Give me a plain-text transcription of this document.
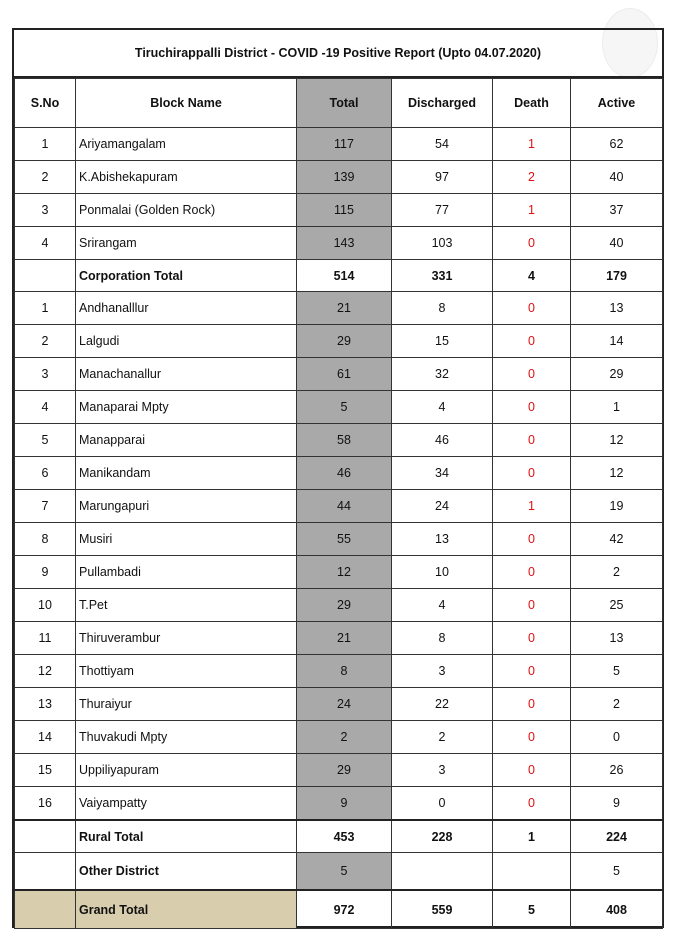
Tiruchirappalli District - COVID -19 Positive Report (Upto 04.07.2020)
S.No	Block Name	Total	Discharged	Death	Active
1	Ariyamangalam	117	54	1	62
2	K.Abishekapuram	139	97	2	40
3	Ponmalai (Golden Rock)	115	77	1	37
4	Srirangam	143	103	0	40
	Corporation Total	514	331	4	179
1	Andhanalllur	21	8	0	13
2	Lalgudi	29	15	0	14
3	Manachanallur	61	32	0	29
4	Manaparai Mpty	5	4	0	1
5	Manapparai	58	46	0	12
6	Manikandam	46	34	0	12
7	Marungapuri	44	24	1	19
8	Musiri	55	13	0	42
9	Pullambadi	12	10	0	2
10	T.Pet	29	4	0	25
11	Thiruverambur	21	8	0	13
12	Thottiyam	8	3	0	5
13	Thuraiyur	24	22	0	2
14	Thuvakudi Mpty	2	2	0	0
15	Uppiliyapuram	29	3	0	26
16	Vaiyampatty	9	0	0	9
	Rural Total	453	228	1	224
	Other District	5			5
	Grand Total	972	559	5	408
